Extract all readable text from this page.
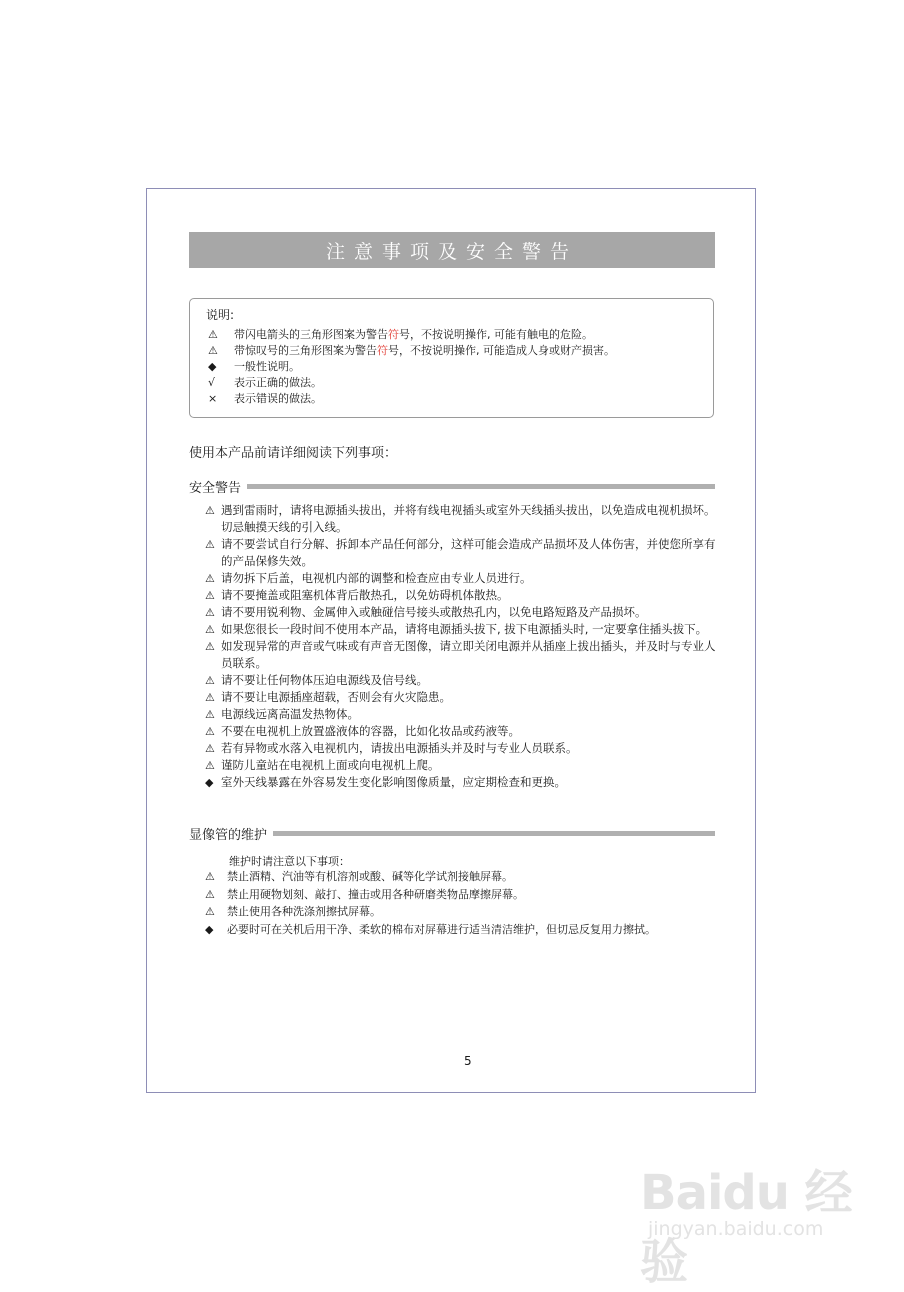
注意事项及安全警告
说明:
⚠	带闪电箭头的三角形图案为警告符号，不按说明操作, 可能有触电的危险。
⚠	带惊叹号的三角形图案为警告符号，不按说明操作, 可能造成人身或财产损害。
◆	一般性说明。
√	表示正确的做法。
×	表示错误的做法。
使用本产品前请详细阅读下列事项：
安全警告
⚠ 遇到雷雨时，请将电源插头拔出，并将有线电视插头或室外天线插头拔出，以免造成电视机损坏。切忌触摸天线的引入线。
⚠ 请不要尝试自行分解、拆卸本产品任何部分，这样可能会造成产品损坏及人体伤害，并使您所享有的产品保修失效。
⚠ 请勿拆下后盖，电视机内部的调整和检查应由专业人员进行。
⚠ 请不要掩盖或阻塞机体背后散热孔，以免妨碍机体散热。
⚠ 请不要用锐利物、金属伸入或触碰信号接头或散热孔内，以免电路短路及产品损坏。
⚠ 如果您很长一段时间不使用本产品，请将电源插头拔下, 拔下电源插头时, 一定要拿住插头拔下。
⚠ 如发现异常的声音或气味或有声音无图像，请立即关闭电源并从插座上拔出插头，并及时与专业人员联系。
⚠ 请不要让任何物体压迫电源线及信号线。
⚠ 请不要让电源插座超载，否则会有火灾隐患。
⚠ 电源线远离高温发热物体。
⚠ 不要在电视机上放置盛液体的容器，比如化妆品或药液等。
⚠ 若有异物或水落入电视机内，请拔出电源插头并及时与专业人员联系。
⚠ 谨防儿童站在电视机上面或向电视机上爬。
◆ 室外天线暴露在外容易发生变化影响图像质量，应定期检查和更换。
显像管的维护
维护时请注意以下事项：
⚠	禁止酒精、汽油等有机溶剂或酸、碱等化学试剂接触屏幕。
⚠	禁止用硬物划刻、敲打、撞击或用各种研磨类物品摩擦屏幕。
⚠	禁止使用各种洗涤剂擦拭屏幕。
◆	必要时可在关机后用干净、柔软的棉布对屏幕进行适当清洁维护，但切忌反复用力擦拭。
5
Baidu 经验
jingyan.baidu.com
